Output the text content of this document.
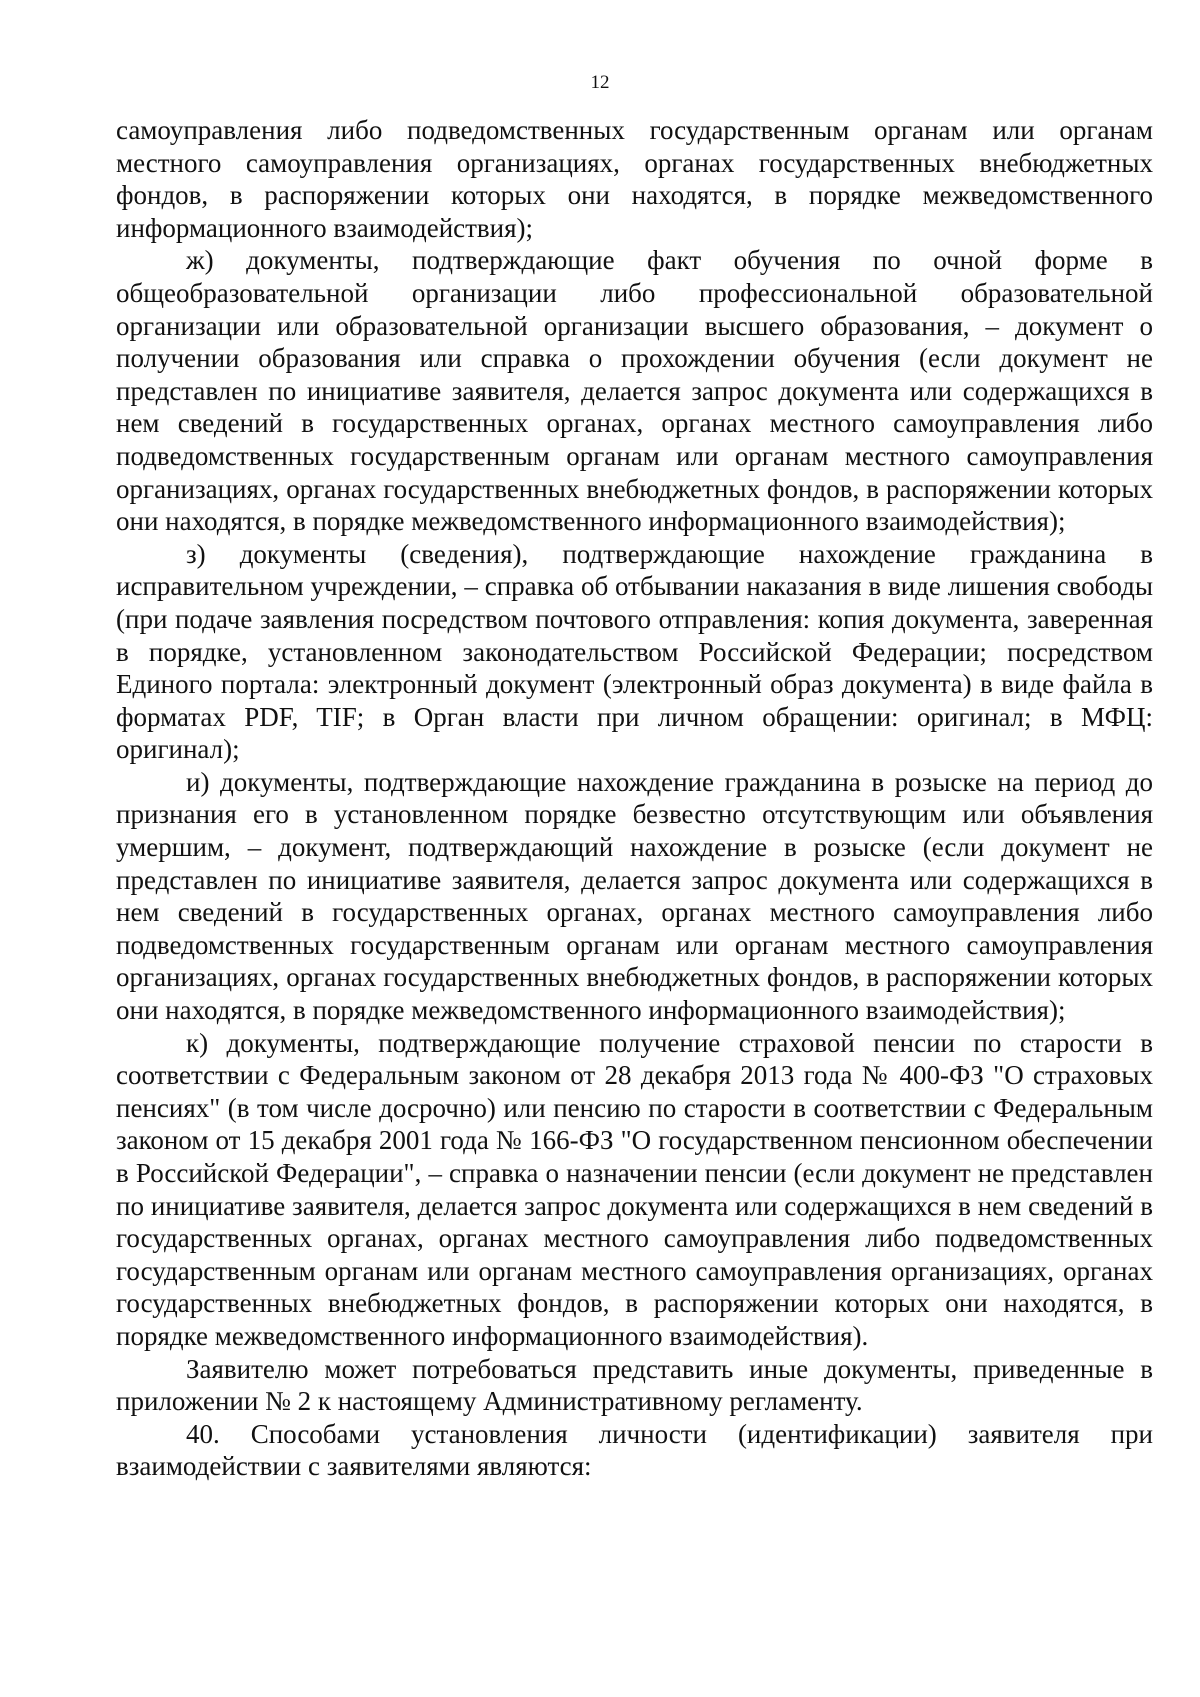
12

самоуправления либо подведомственных государственным органам или органам местного самоуправления организациях, органах государственных внебюджетных фондов, в распоряжении которых они находятся, в порядке межведомственного информационного взаимодействия);

ж) документы, подтверждающие факт обучения по очной форме в общеобразовательной организации либо профессиональной образовательной организации или образовательной организации высшего образования, – документ о получении образования или справка о прохождении обучения (если документ не представлен по инициативе заявителя, делается запрос документа или содержащихся в нем сведений в государственных органах, органах местного самоуправления либо подведомственных государственным органам или органам местного самоуправления организациях, органах государственных внебюджетных фондов, в распоряжении которых они находятся, в порядке межведомственного информационного взаимодействия);

з) документы (сведения), подтверждающие нахождение гражданина в исправительном учреждении, – справка об отбывании наказания в виде лишения свободы (при подаче заявления посредством почтового отправления: копия документа, заверенная в порядке, установленном законодательством Российской Федерации; посредством Единого портала: электронный документ (электронный образ документа) в виде файла в форматах PDF, TIF; в Орган власти при личном обращении: оригинал; в МФЦ: оригинал);

и) документы, подтверждающие нахождение гражданина в розыске на период до признания его в установленном порядке безвестно отсутствующим или объявления умершим, – документ, подтверждающий нахождение в розыске (если документ не представлен по инициативе заявителя, делается запрос документа или содержащихся в нем сведений в государственных органах, органах местного самоуправления либо подведомственных государственным органам или органам местного самоуправления организациях, органах государственных внебюджетных фондов, в распоряжении которых они находятся, в порядке межведомственного информационного взаимодействия);

к) документы, подтверждающие получение страховой пенсии по старости в соответствии с Федеральным законом от 28 декабря 2013 года № 400-ФЗ "О страховых пенсиях" (в том числе досрочно) или пенсию по старости в соответствии с Федеральным законом от 15 декабря 2001 года № 166-ФЗ "О государственном пенсионном обеспечении в Российской Федерации", – справка о назначении пенсии (если документ не представлен по инициативе заявителя, делается запрос документа или содержащихся в нем сведений в государственных органах, органах местного самоуправления либо подведомственных государственным органам или органам местного самоуправления организациях, органах государственных внебюджетных фондов, в распоряжении которых они находятся, в порядке межведомственного информационного взаимодействия).

Заявителю может потребоваться представить иные документы, приведенные в приложении № 2 к настоящему Административному регламенту.

40. Способами установления личности (идентификации) заявителя при взаимодействии с заявителями являются:
